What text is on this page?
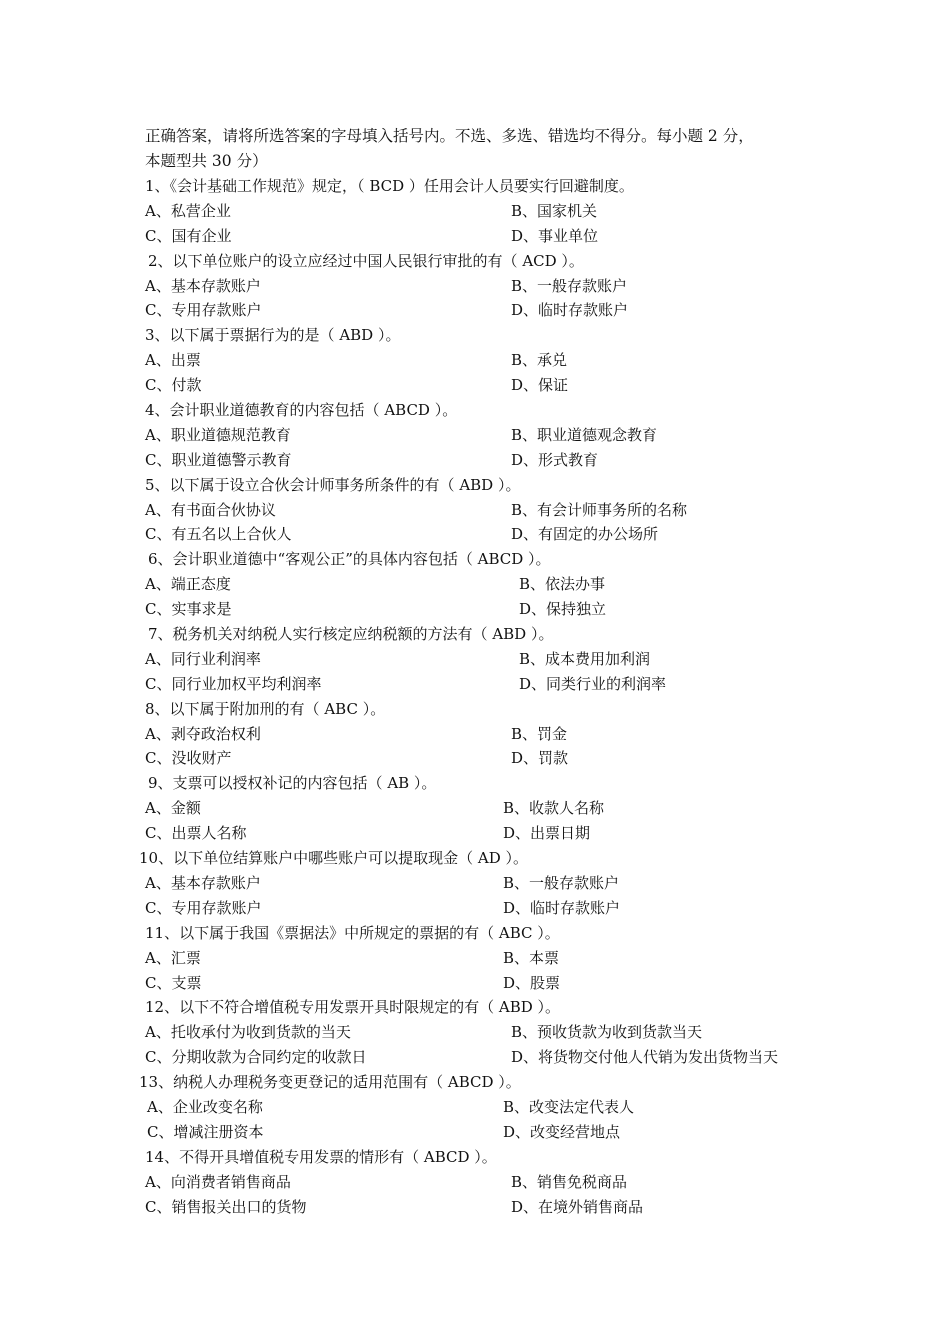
正确答案，请将所选答案的字母填入括号内。不选、多选、错选均不得分。每小题 2 分，
本题型共 30 分）
1、《会计基础工作规范》规定，（ BCD ）任用会计人员要实行回避制度。
A、私营企业	B、国家机关
C、国有企业	D、事业单位
2、以下单位账户的设立应经过中国人民银行审批的有（ ACD ）。
A、基本存款账户	B、一般存款账户
C、专用存款账户	D、临时存款账户
3、以下属于票据行为的是（ ABD ）。
A、出票	B、承兑
C、付款	D、保证
4、会计职业道德教育的内容包括（ ABCD ）。
A、职业道德规范教育	B、职业道德观念教育
C、职业道德警示教育	D、形式教育
5、以下属于设立合伙会计师事务所条件的有（ ABD ）。
A、有书面合伙协议	B、有会计师事务所的名称
C、有五名以上合伙人	D、有固定的办公场所
6、会计职业道德中“客观公正”的具体内容包括（ ABCD ）。
A、端正态度	B、依法办事
C、实事求是	D、保持独立
7、税务机关对纳税人实行核定应纳税额的方法有（ ABD ）。
A、同行业利润率	B、成本费用加利润
C、同行业加权平均利润率	D、同类行业的利润率
8、以下属于附加刑的有（ ABC ）。
A、剥夺政治权利	B、罚金
C、没收财产	D、罚款
9、支票可以授权补记的内容包括（ AB ）。
A、金额	B、收款人名称
C、出票人名称	D、出票日期
10、以下单位结算账户中哪些账户可以提取现金（ AD ）。
A、基本存款账户	B、一般存款账户
C、专用存款账户	D、临时存款账户
11、以下属于我国《票据法》中所规定的票据的有（ ABC ）。
A、汇票	B、本票
C、支票	D、股票
12、以下不符合增值税专用发票开具时限规定的有（ ABD ）。
A、托收承付为收到货款的当天	B、预收货款为收到货款当天
C、分期收款为合同约定的收款日	D、将货物交付他人代销为发出货物当天
13、纳税人办理税务变更登记的适用范围有（ ABCD ）。
A、企业改变名称	B、改变法定代表人
C、增减注册资本	D、改变经营地点
14、不得开具增值税专用发票的情形有（ ABCD ）。
A、向消费者销售商品	B、销售免税商品
C、销售报关出口的货物	D、在境外销售商品
